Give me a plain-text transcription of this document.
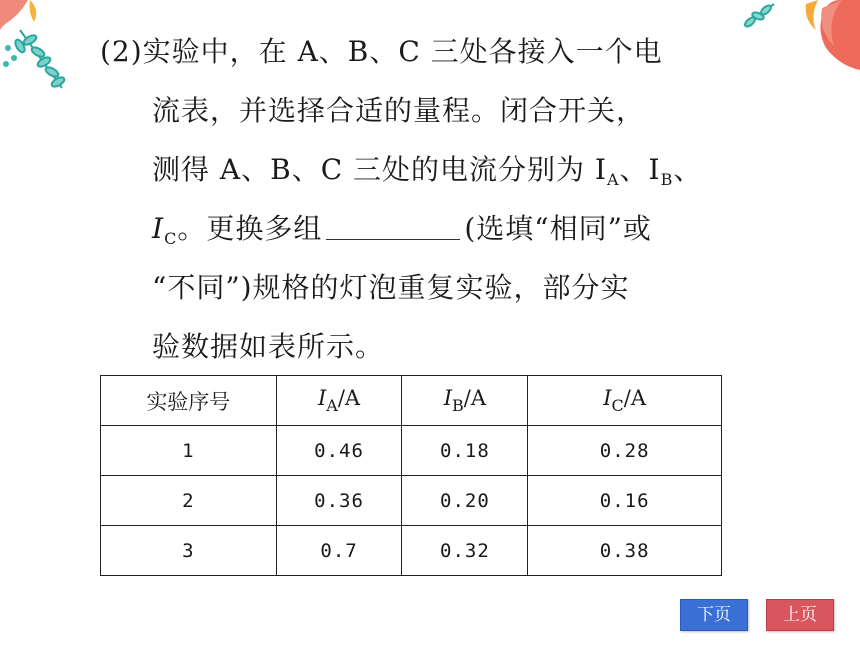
(2)实验中，在 A、B、C 三处各接入一个电
流表，并选择合适的量程。闭合开关，
测得 A、B、C 三处的电流分别为 $I_A$、$I_B$、
$I_C$。更换多组	(选填“相同”或
“不同”)规格的灯泡重复实验，部分实
验数据如表所示。
实验序号	$I_A/A$	$I_B/A$	$I_C/A$
1	0.46	0.18	0.28
2	0.36	0.20	0.16
3	0.7	0.32	0.38
下页	上页
